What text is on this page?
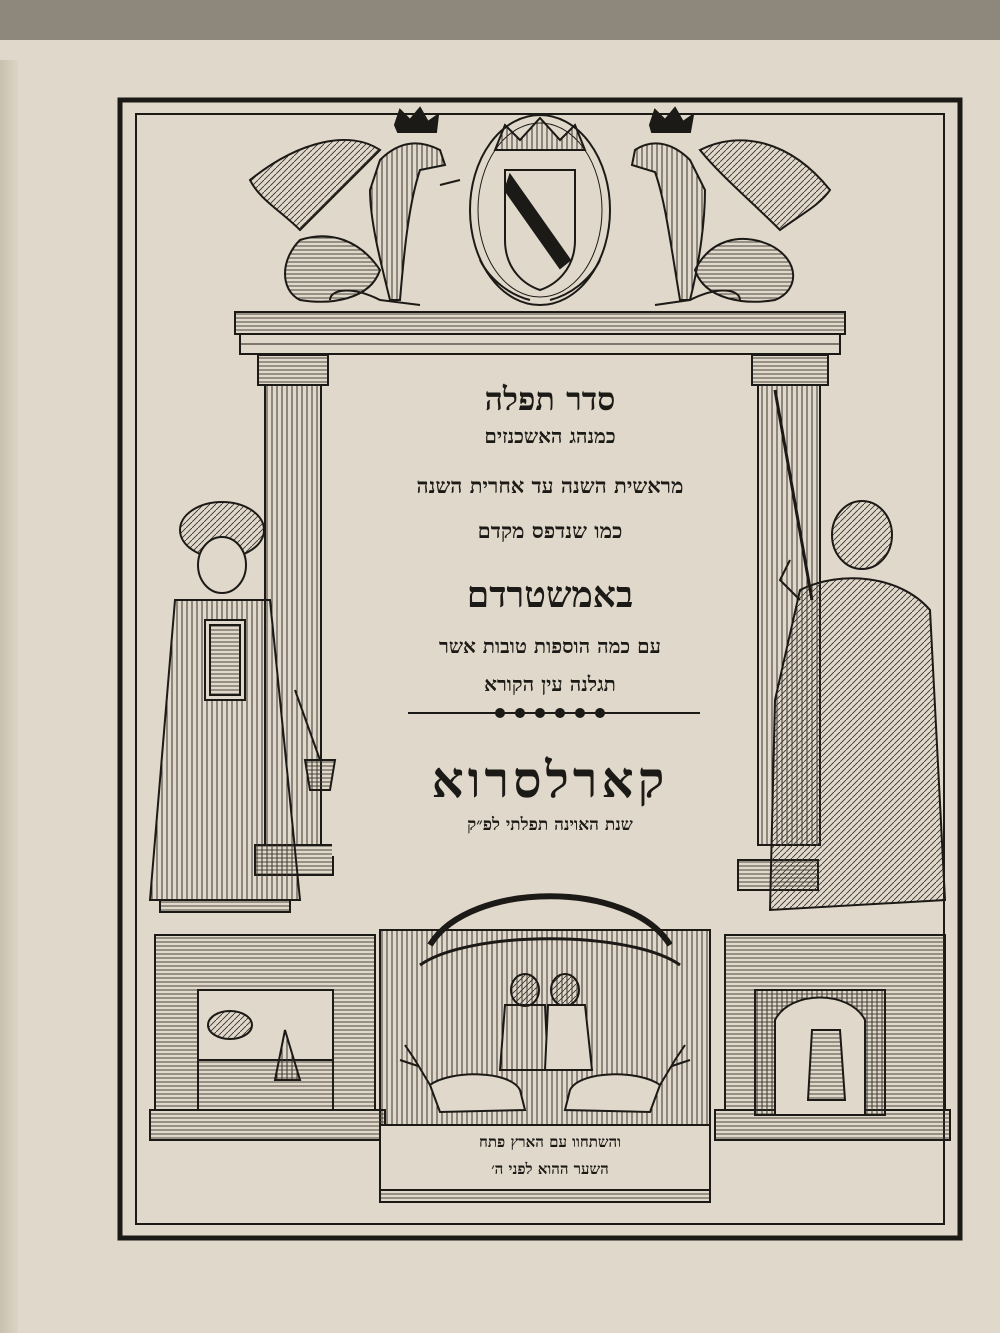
סדר תפלה
כמנהג האשכנזים
מראשית השנה עד אחרית השנה
כמו שנדפס מקדם
באמשטרדם
עם כמה הוספות טובות אשר
תגלנה עין הקורא
קארלסרוא
שנת האוינה תפלתי לפ״ק
והשתחוו עם הארץ פתח
השער ההוא לפני ה׳
